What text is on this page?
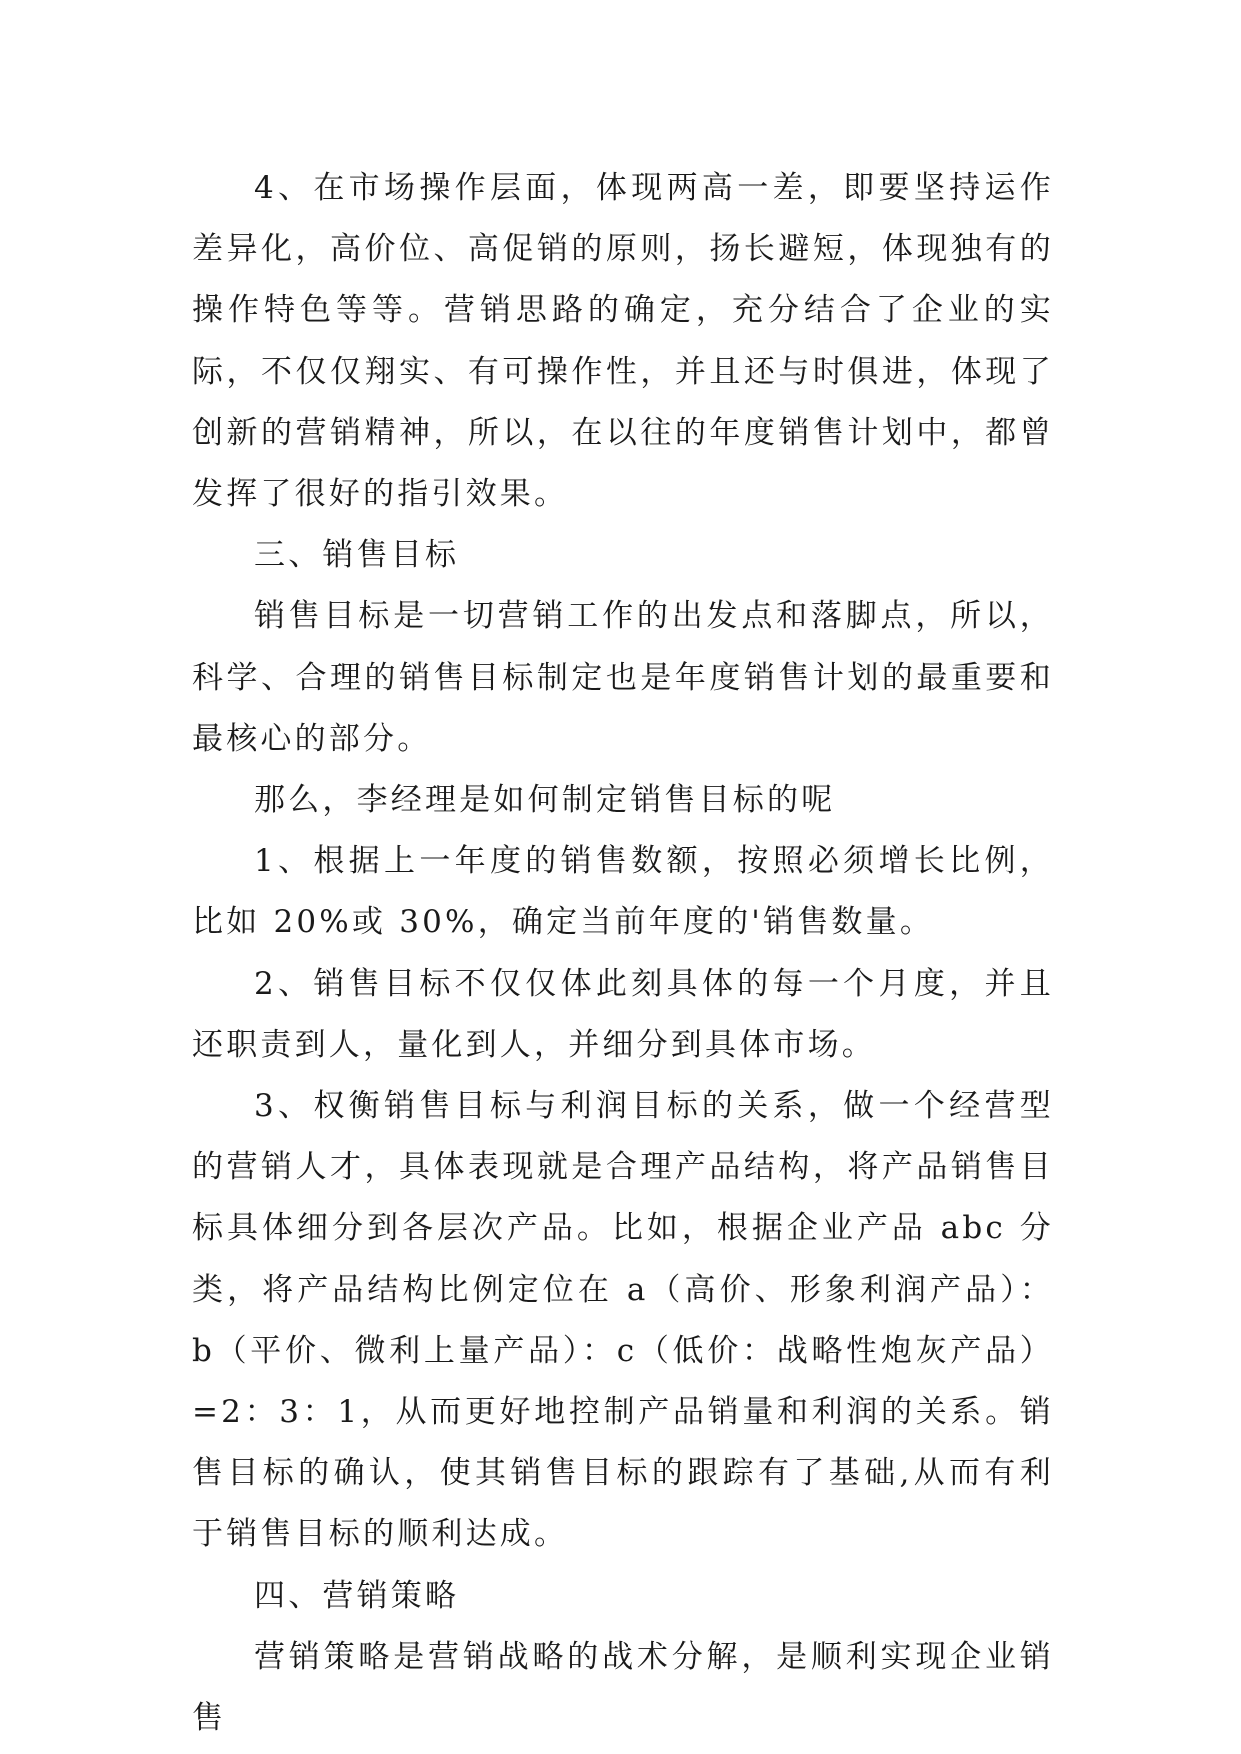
4、在市场操作层面，体现两高一差，即要坚持运作差异化，高价位、高促销的原则，扬长避短，体现独有的操作特色等等。营销思路的确定，充分结合了企业的实际，不仅仅翔实、有可操作性，并且还与时俱进，体现了创新的营销精神，所以，在以往的年度销售计划中，都曾发挥了很好的指引效果。

三、销售目标

销售目标是一切营销工作的出发点和落脚点，所以，科学、合理的销售目标制定也是年度销售计划的最重要和最核心的部分。

那么，李经理是如何制定销售目标的呢

1、根据上一年度的销售数额，按照必须增长比例，比如 20%或 30%，确定当前年度的'销售数量。

2、销售目标不仅仅体此刻具体的每一个月度，并且还职责到人，量化到人，并细分到具体市场。

3、权衡销售目标与利润目标的关系，做一个经营型的营销人才，具体表现就是合理产品结构，将产品销售目标具体细分到各层次产品。比如，根据企业产品 abc 分类，将产品结构比例定位在 a（高价、形象利润产品）：b（平价、微利上量产品）：c（低价：战略性炮灰产品）=2：3：1，从而更好地控制产品销量和利润的关系。销售目标的确认，使其销售目标的跟踪有了基础,从而有利于销售目标的顺利达成。

四、营销策略

营销策略是营销战略的战术分解，是顺利实现企业销售
